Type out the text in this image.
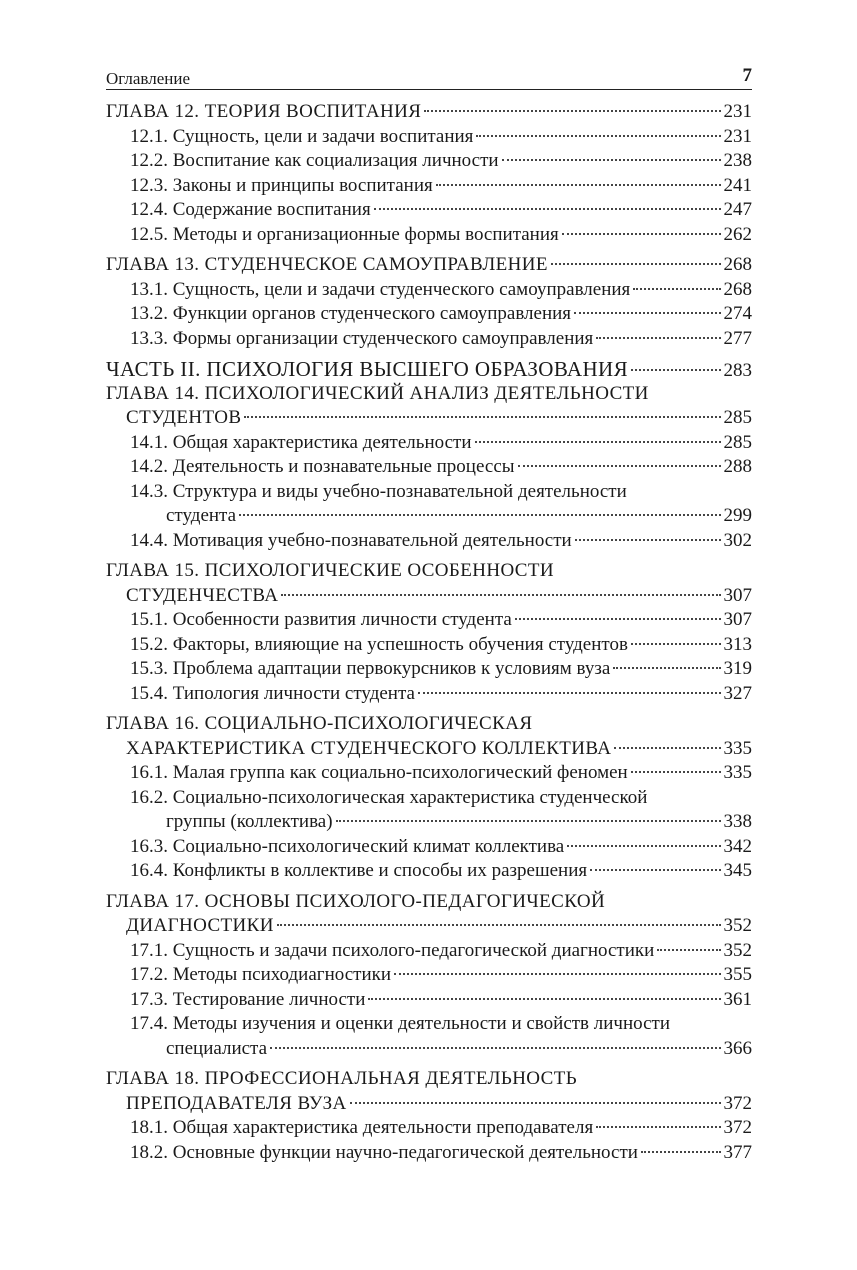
Оглавление	7
ГЛАВА 12. ТЕОРИЯ ВОСПИТАНИЯ	231
12.1. Сущность, цели и задачи воспитания	231
12.2. Воспитание как социализация личности	238
12.3. Законы и принципы воспитания	241
12.4. Содержание воспитания	247
12.5. Методы и организационные формы воспитания	262
ГЛАВА 13. СТУДЕНЧЕСКОЕ САМОУПРАВЛЕНИЕ	268
13.1. Сущность, цели и задачи студенческого самоуправления	268
13.2. Функции органов студенческого самоуправления	274
13.3. Формы организации студенческого самоуправления	277
ЧАСТЬ II. ПСИХОЛОГИЯ ВЫСШЕГО ОБРАЗОВАНИЯ	283
ГЛАВА 14. ПСИХОЛОГИЧЕСКИЙ АНАЛИЗ ДЕЯТЕЛЬНОСТИ
СТУДЕНТОВ	285
14.1. Общая характеристика деятельности	285
14.2. Деятельность и познавательные процессы	288
14.3. Структура и виды учебно-познавательной деятельности
студента	299
14.4. Мотивация учебно-познавательной деятельности	302
ГЛАВА 15. ПСИХОЛОГИЧЕСКИЕ ОСОБЕННОСТИ
СТУДЕНЧЕСТВА	307
15.1. Особенности развития личности студента	307
15.2. Факторы, влияющие на успешность обучения студентов	313
15.3. Проблема адаптации первокурсников к условиям вуза	319
15.4. Типология личности студента	327
ГЛАВА 16. СОЦИАЛЬНО-ПСИХОЛОГИЧЕСКАЯ
ХАРАКТЕРИСТИКА СТУДЕНЧЕСКОГО КОЛЛЕКТИВА	335
16.1. Малая группа как социально-психологический феномен	335
16.2. Социально-психологическая характеристика студенческой
группы (коллектива)	338
16.3. Социально-психологический климат коллектива	342
16.4. Конфликты в коллективе и способы их разрешения	345
ГЛАВА 17. ОСНОВЫ ПСИХОЛОГО-ПЕДАГОГИЧЕСКОЙ
ДИАГНОСТИКИ	352
17.1. Сущность и задачи психолого-педагогической диагностики	352
17.2. Методы психодиагностики	355
17.3. Тестирование личности	361
17.4. Методы изучения и оценки деятельности и свойств личности
специалиста	366
ГЛАВА 18. ПРОФЕССИОНАЛЬНАЯ ДЕЯТЕЛЬНОСТЬ
ПРЕПОДАВАТЕЛЯ ВУЗА	372
18.1. Общая характеристика деятельности преподавателя	372
18.2. Основные функции научно-педагогической деятельности	377
